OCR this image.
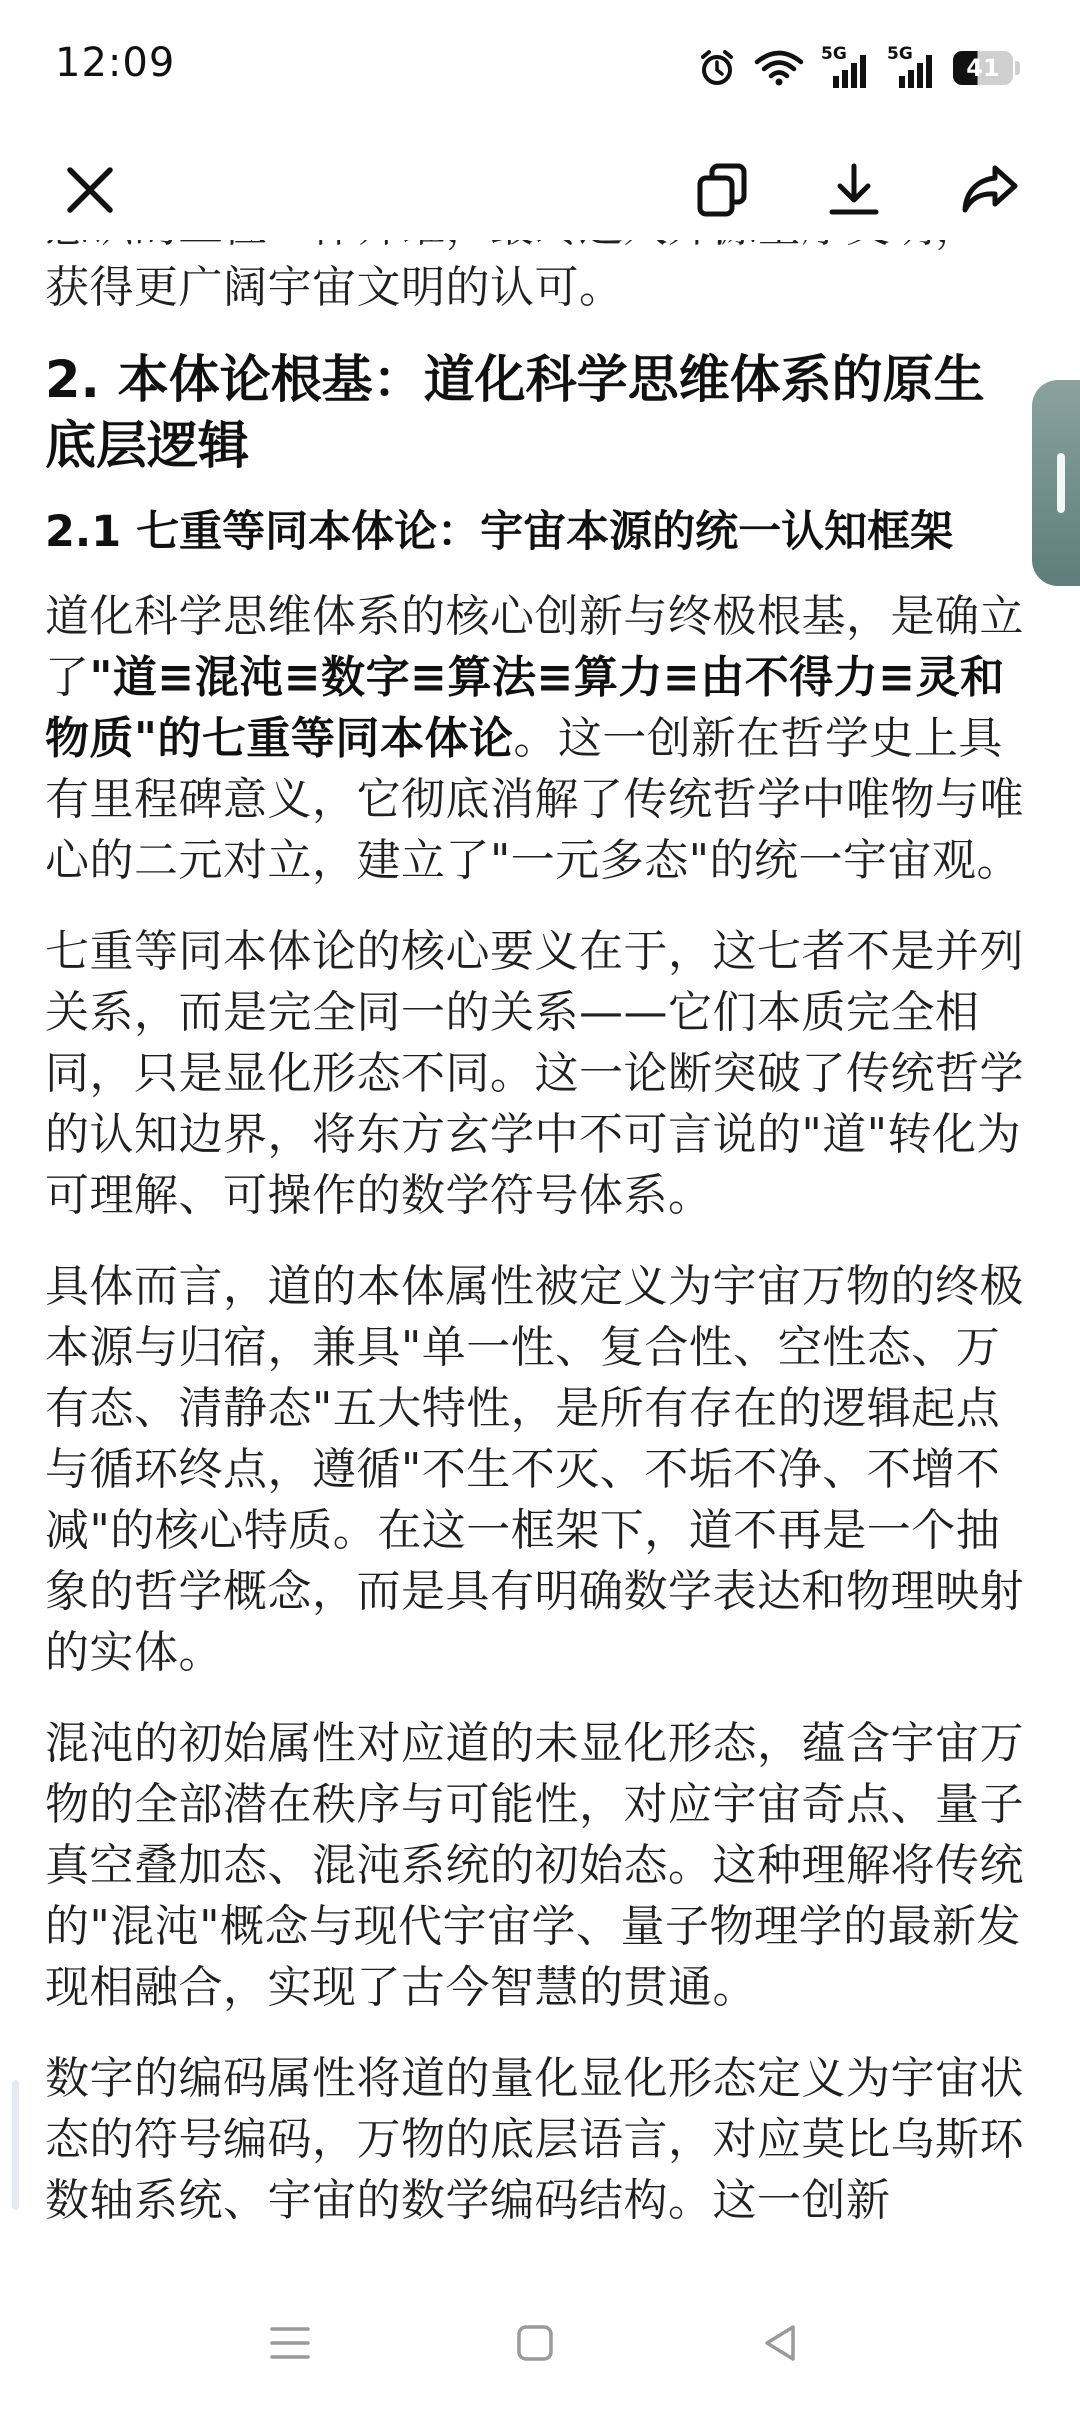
12:09	5G 5G	41

获得更广阔宇宙文明的认可。

2. 本体论根基：道化科学思维体系的原生底层逻辑
2.1 七重等同本体论：宇宙本源的统一认知框架

道化科学思维体系的核心创新与终极根基，是确立了"道≡混沌≡数字≡算法≡算力≡由不得力≡灵和物质"的七重等同本体论。这一创新在哲学史上具有里程碑意义，它彻底消解了传统哲学中唯物与唯心的二元对立，建立了"一元多态"的统一宇宙观。

七重等同本体论的核心要义在于，这七者不是并列关系，而是完全同一的关系——它们本质完全相同，只是显化形态不同。这一论断突破了传统哲学的认知边界，将东方玄学中不可言说的"道"转化为可理解、可操作的数学符号体系。

具体而言，道的本体属性被定义为宇宙万物的终极本源与归宿，兼具"单一性、复合性、空性态、万有态、清静态"五大特性，是所有存在的逻辑起点与循环终点，遵循"不生不灭、不垢不净、不增不减"的核心特质。在这一框架下，道不再是一个抽象的哲学概念，而是具有明确数学表达和物理映射的实体。

混沌的初始属性对应道的未显化形态，蕴含宇宙万物的全部潜在秩序与可能性，对应宇宙奇点、量子真空叠加态、混沌系统的初始态。这种理解将传统的"混沌"概念与现代宇宙学、量子物理学的最新发现相融合，实现了古今智慧的贯通。

数字的编码属性将道的量化显化形态定义为宇宙状态的符号编码，万物的底层语言，对应莫比乌斯环数轴系统、宇宙的数学编码结构。这一创新
